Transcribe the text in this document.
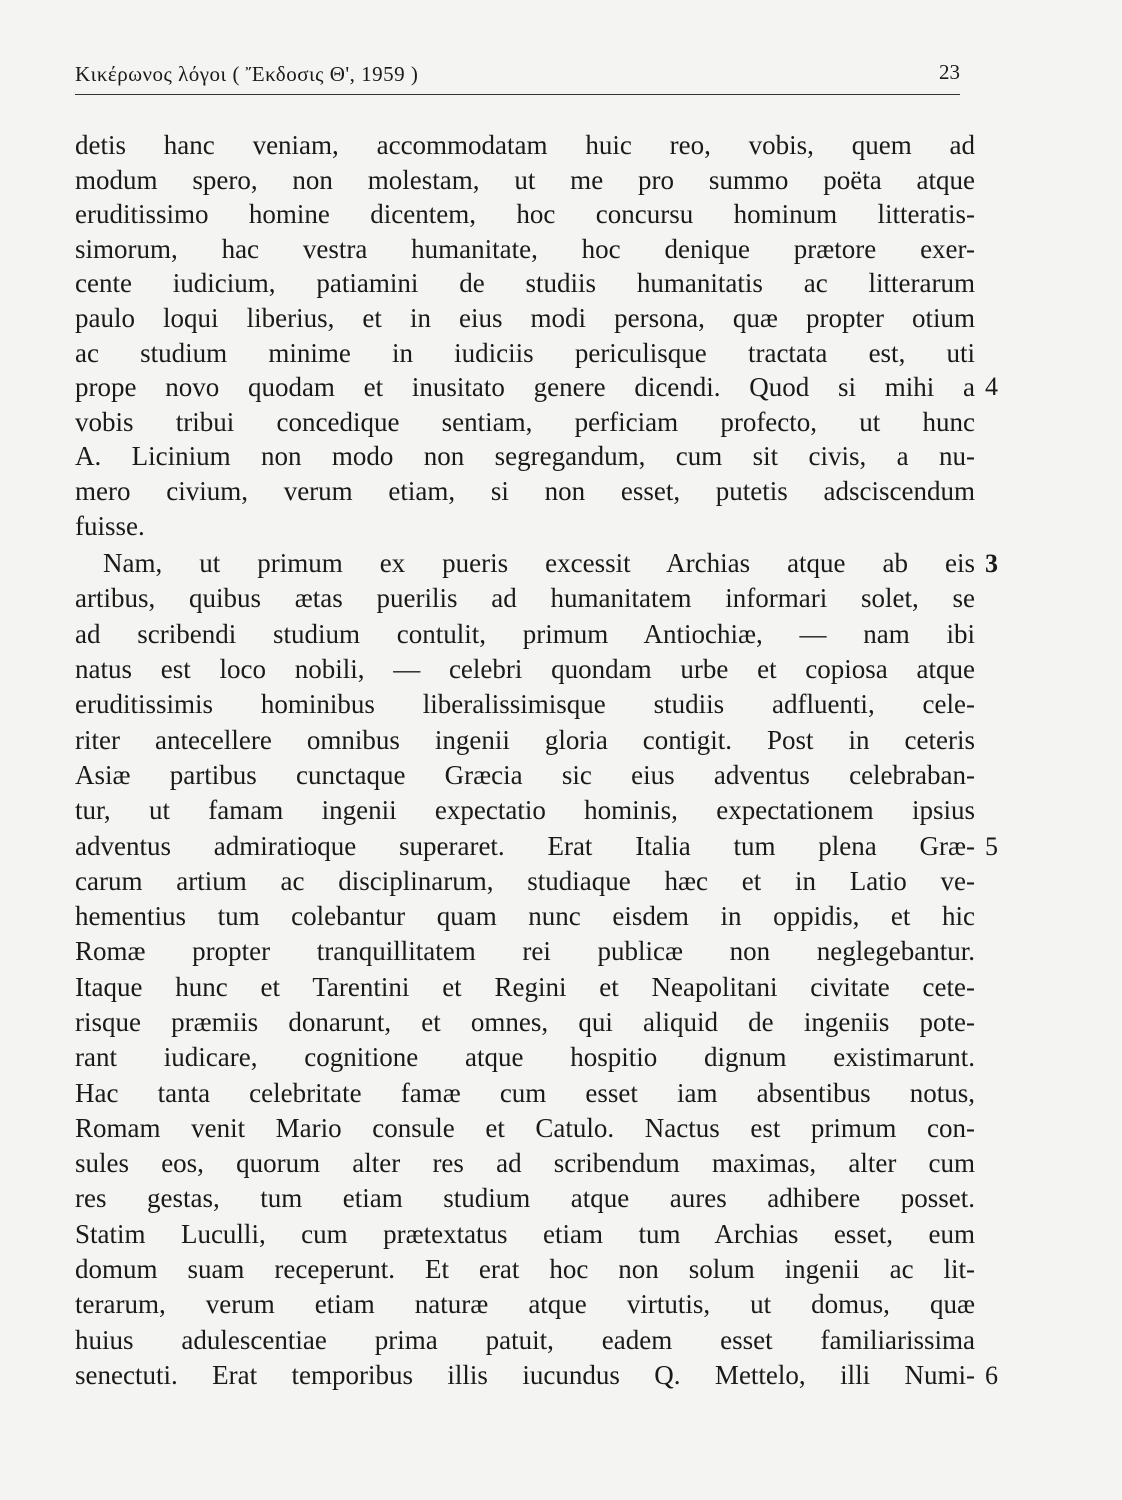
Κικέρωνος λόγοι ( Ἔκδοσις Θ', 1959 )	23
detis hanc veniam, accommodatam huic reo, vobis, quem ad
modum spero, non molestam, ut me pro summo poëta atque
eruditissimo homine dicentem, hoc concursu hominum litteratis-
simorum, hac vestra humanitate, hoc denique prætore exer-
cente iudicium, patiamini de studiis humanitatis ac litterarum
paulo loqui liberius, et in eius modi persona, quæ propter otium
ac studium minime in iudiciis periculisque tractata est, uti
prope novo quodam et inusitato genere dicendi. Quod si mihi a 4
vobis tribui concedique sentiam, perficiam profecto, ut hunc
A. Licinium non modo non segregandum, cum sit civis, a nu-
mero civium, verum etiam, si non esset, putetis adsciscendum
fuisse.
Nam, ut primum ex pueris excessit Archias atque ab eis 3
artibus, quibus ætas puerilis ad humanitatem informari solet, se
ad scribendi studium contulit, primum Antiochiæ, — nam ibi
natus est loco nobili, — celebri quondam urbe et copiosa atque
eruditissimis hominibus liberalissimisque studiis adfluenti, cele-
riter antecellere omnibus ingenii gloria contigit. Post in ceteris
Asiæ partibus cunctaque Græcia sic eius adventus celebraban-
tur, ut famam ingenii expectatio hominis, expectationem ipsius
adventus admiratioque superaret. Erat Italia tum plena Græ- 5
carum artium ac disciplinarum, studiaque hæc et in Latio ve-
hementius tum colebantur quam nunc eisdem in oppidis, et hic
Romæ propter tranquillitatem rei publicæ non neglegebantur.
Itaque hunc et Tarentini et Regini et Neapolitani civitate cete-
risque præmiis donarunt, et omnes, qui aliquid de ingeniis pote-
rant iudicare, cognitione atque hospitio dignum existimarunt.
Hac tanta celebritate famæ cum esset iam absentibus notus,
Romam venit Mario consule et Catulo. Nactus est primum con-
sules eos, quorum alter res ad scribendum maximas, alter cum
res gestas, tum etiam studium atque aures adhibere posset.
Statim Luculli, cum prætextatus etiam tum Archias esset, eum
domum suam receperunt. Et erat hoc non solum ingenii ac lit-
terarum, verum etiam naturæ atque virtutis, ut domus, quæ
huius adulescentiae prima patuit, eadem esset familiarissima
senectuti. Erat temporibus illis iucundus Q. Mettelo, illi Numi- 6
